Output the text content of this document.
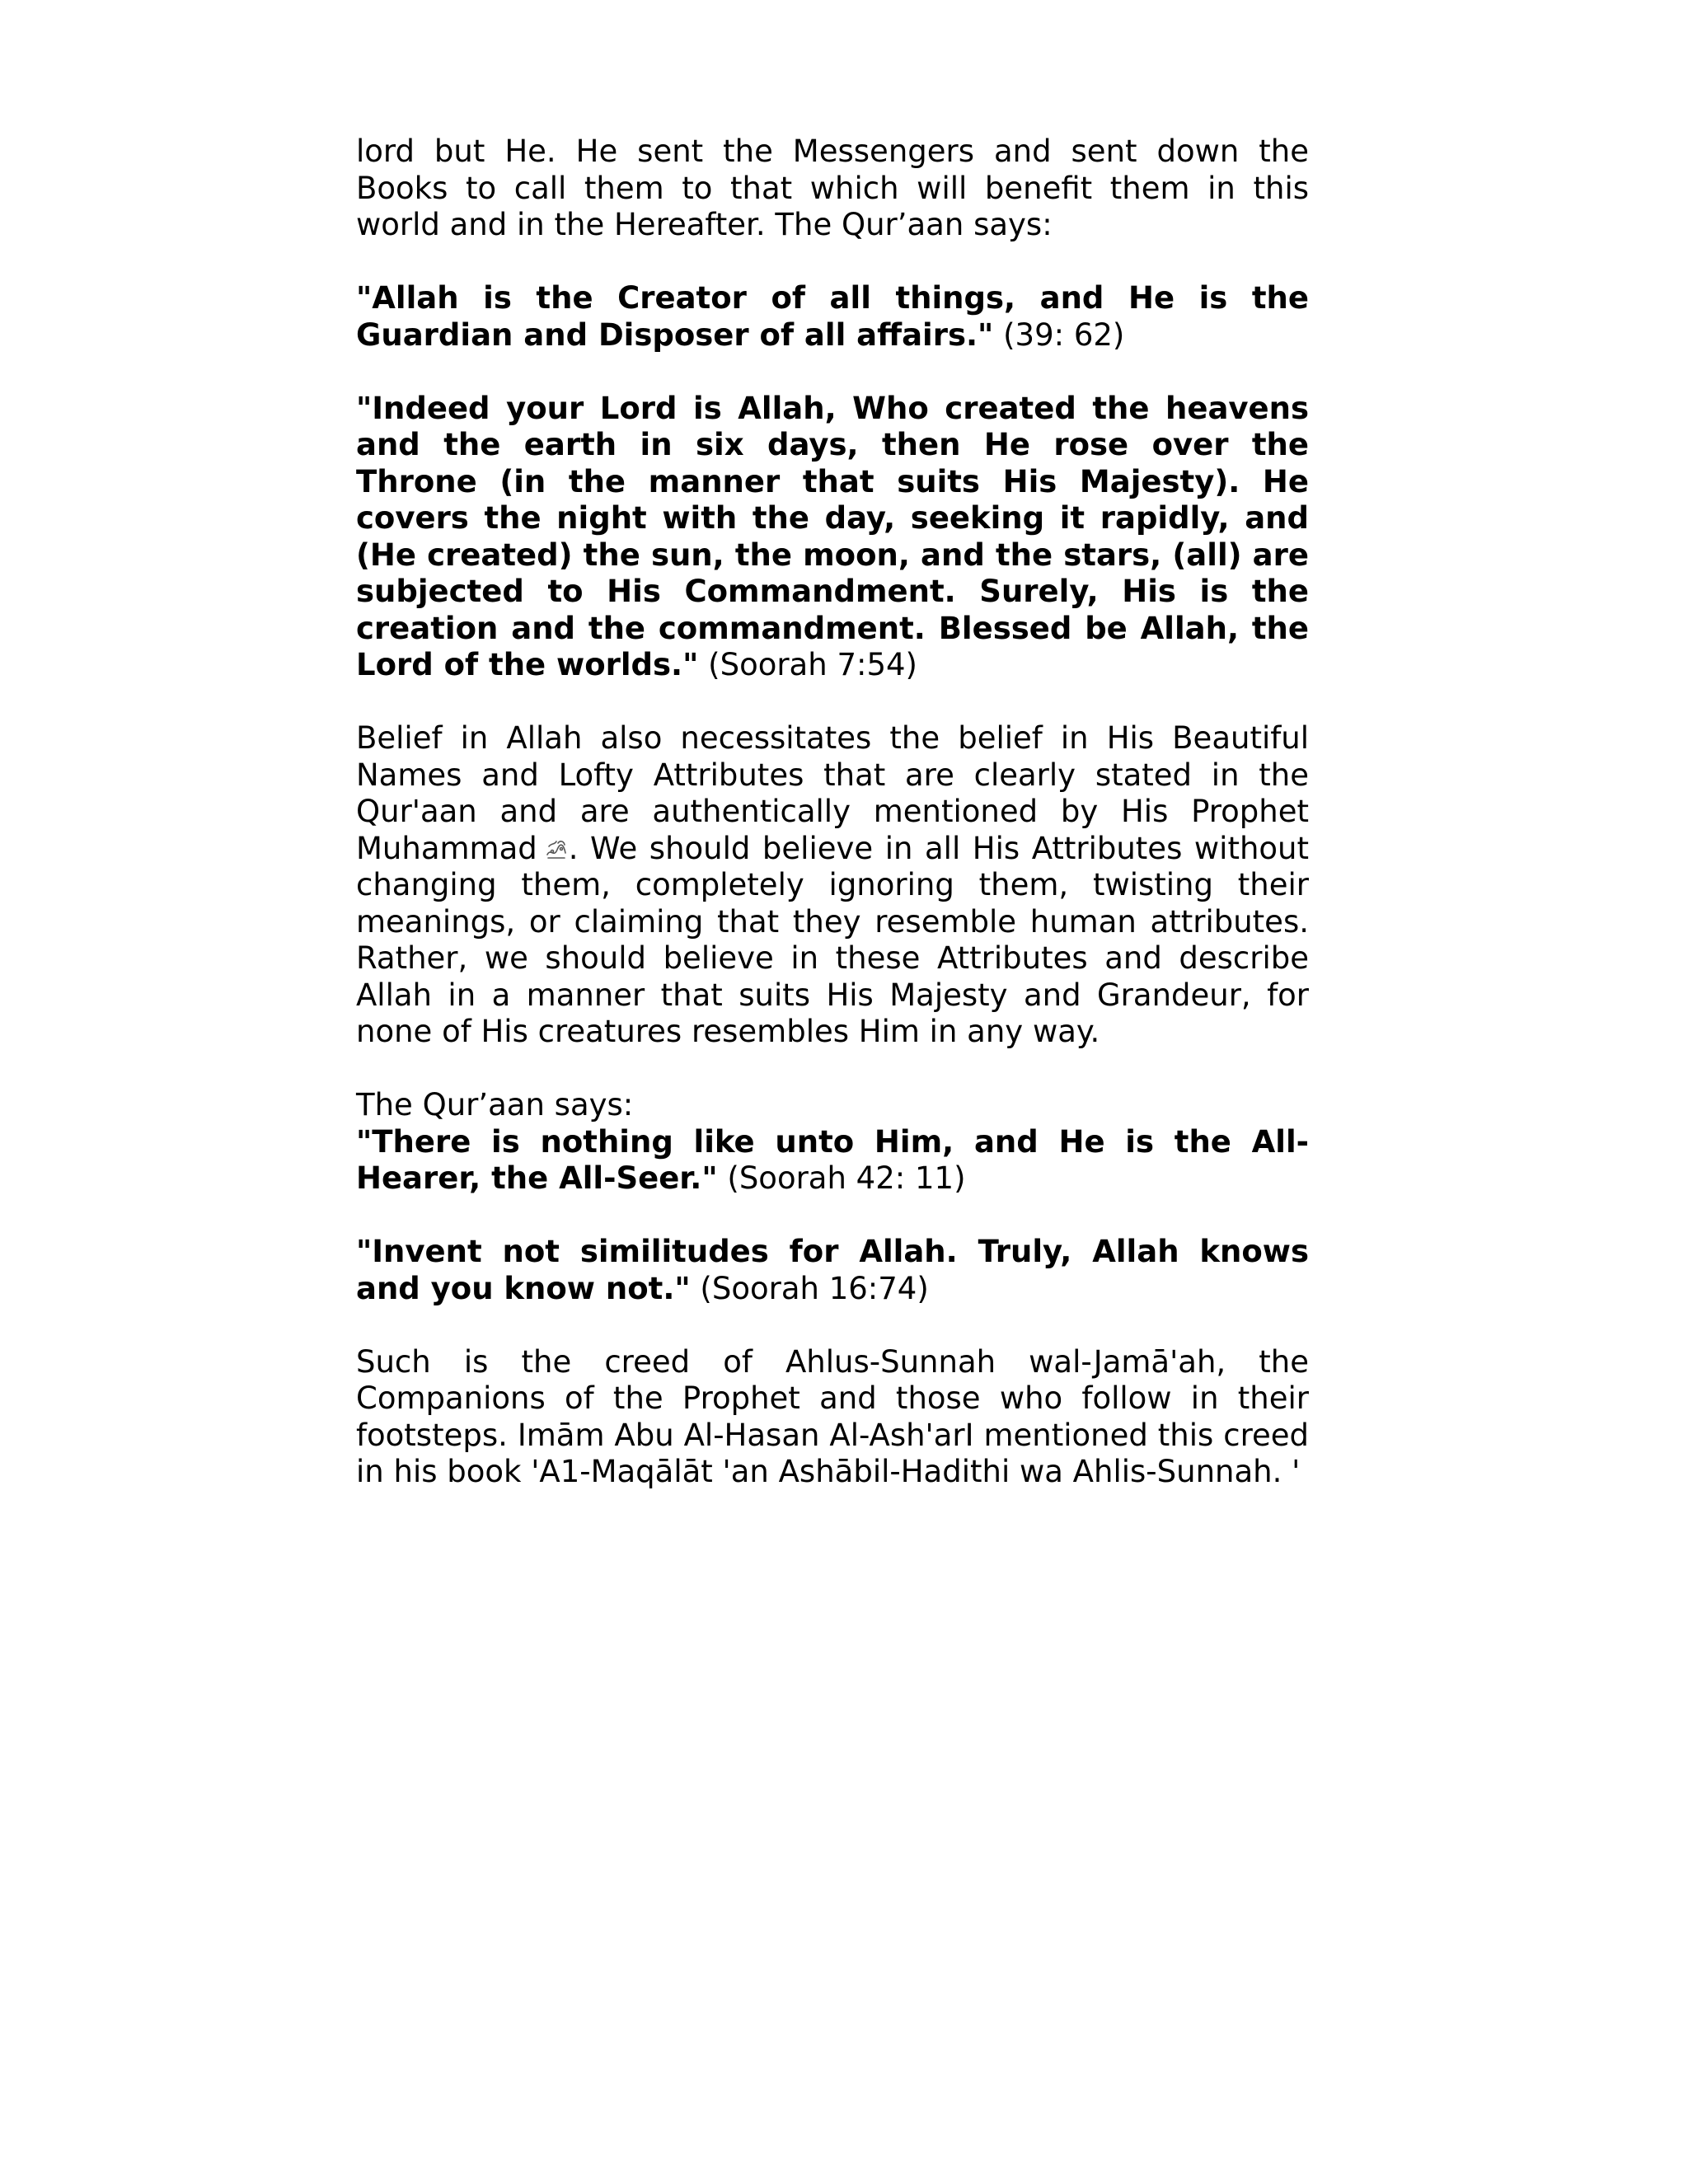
lord but He. He sent the Messengers and sent down the Books to call them to that which will benefit them in this world and in the Hereafter. The Qur’aan says:

"Allah is the Creator of all things, and He is the Guardian and Disposer of all affairs." (39: 62)

"Indeed your Lord is Allah, Who created the heavens and the earth in six days, then He rose over the Throne (in the manner that suits His Majesty). He covers the night with the day, seeking it rapidly, and (He created) the sun, the moon, and the stars, (all) are subjected to His Commandment. Surely, His is the creation and the commandment. Blessed be Allah, the Lord of the worlds." (Soorah 7:54)

Belief in Allah also necessitates the belief in His Beautiful Names and Lofty Attributes that are clearly stated in the Qur'aan and are authentically mentioned by His Prophet Muhammad . We should believe in all His Attributes without changing them, completely ignoring them, twisting their meanings, or claiming that they resemble human attributes. Rather, we should believe in these Attributes and describe Allah in a manner that suits His Majesty and Grandeur, for none of His creatures resembles Him in any way.

The Qur’aan says:

"There is nothing like unto Him, and He is the All-Hearer, the All-Seer." (Soorah 42: 11)

"Invent not similitudes for Allah. Truly, Allah knows and you know not." (Soorah 16:74)

Such is the creed of Ahlus-Sunnah wal-Jamā'ah, the Companions of the Prophet and those who follow in their footsteps. Imām Abu Al-Hasan Al-Ash'arI mentioned this creed in his book 'A1-Maqālāt 'an Ashābil-Hadithi wa Ahlis-Sunnah. '
